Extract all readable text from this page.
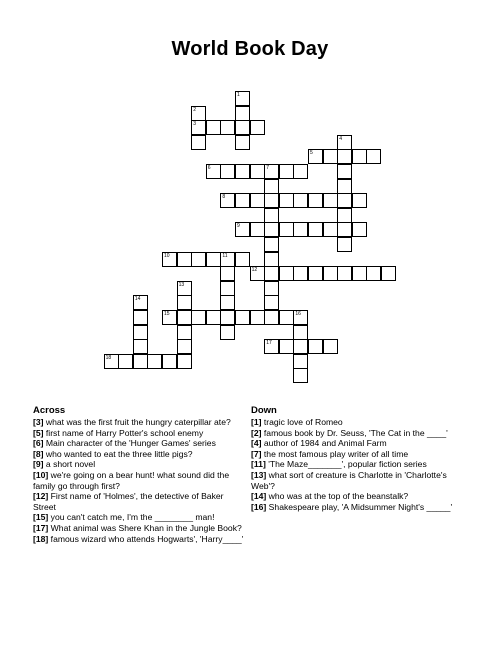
World Book Day
1
2
3
4
5
6	7
8
9
10	11
12
13
14
15	16
17
18
Across
[3] what was the first fruit the hungry caterpillar ate?
[5] first name of Harry Potter's school enemy
[6] Main character of the 'Hunger Games' series
[8] who wanted to eat the three little pigs?
[9] a short novel
[10] we're going on a bear hunt! what sound did the family go through first?
[12] First name of 'Holmes', the detective of Baker Street
[15] you can't catch me, I'm the ________ man!
[17] What animal was Shere Khan in the Jungle Book?
[18] famous wizard who attends Hogwarts', 'Harry____'
Down
[1] tragic love of Romeo
[2] famous book by Dr. Seuss, 'The Cat in the ____'
[4] author of 1984 and Animal Farm
[7] the most famous play writer of all time
[11] 'The Maze_______', popular fiction series
[13] what sort of creature is Charlotte in 'Charlotte's Web'?
[14] who was at the top of the beanstalk?
[16] Shakespeare play, 'A Midsummer Night's _____'
